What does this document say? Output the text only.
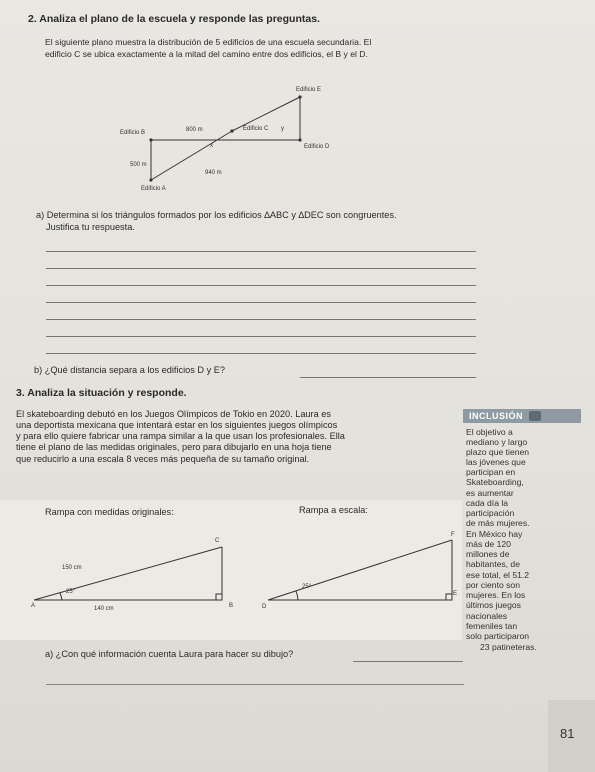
2. Analiza el plano de la escuela y responde las preguntas.
El siguiente plano muestra la distribución de 5 edificios de una escuela secundaria. El
edificio C se ubica exactamente a la mitad del camino entre dos edificios, el B y el D.
Edificio E
Edificio B
Edificio C
Edificio D
Edificio A
800 m
500 m
940 m
x
y
a) Determina si los triángulos formados por los edificios ∆ABC y ∆DEC son congruentes.
Justifica tu respuesta.
b) ¿Qué distancia separa a los edificios D y E?
3. Analiza la situación y responde.
El skateboarding debutó en los Juegos Olímpicos de Tokio en 2020. Laura es
una deportista mexicana que intentará estar en los siguientes juegos olímpicos
y para ello quiere fabricar una rampa similar a la que usan los profesionales. Ella
tiene el plano de las medidas originales, pero para dibujarlo en una hoja tiene
que reducirlo a una escala 8 veces más pequeña de su tamaño original.
Rampa con medidas originales:	Rampa a escala:
C
A	B
150 cm
140 cm
25°
F
D
E
25°
a) ¿Con qué información cuenta Laura para hacer su dibujo?
INCLUSIÓN
El objetivo a
mediano y largo
plazo que tienen
las jóvenes que
participan en
Skateboarding,
es aumentar
cada día la
participación
de más mujeres.
En México hay
más de 120
millones de
habitantes, de
ese total, el 51.2
por ciento son
mujeres. En los
últimos juegos
nacionales
femeniles tan
solo participaron
23 patineteras.
81
